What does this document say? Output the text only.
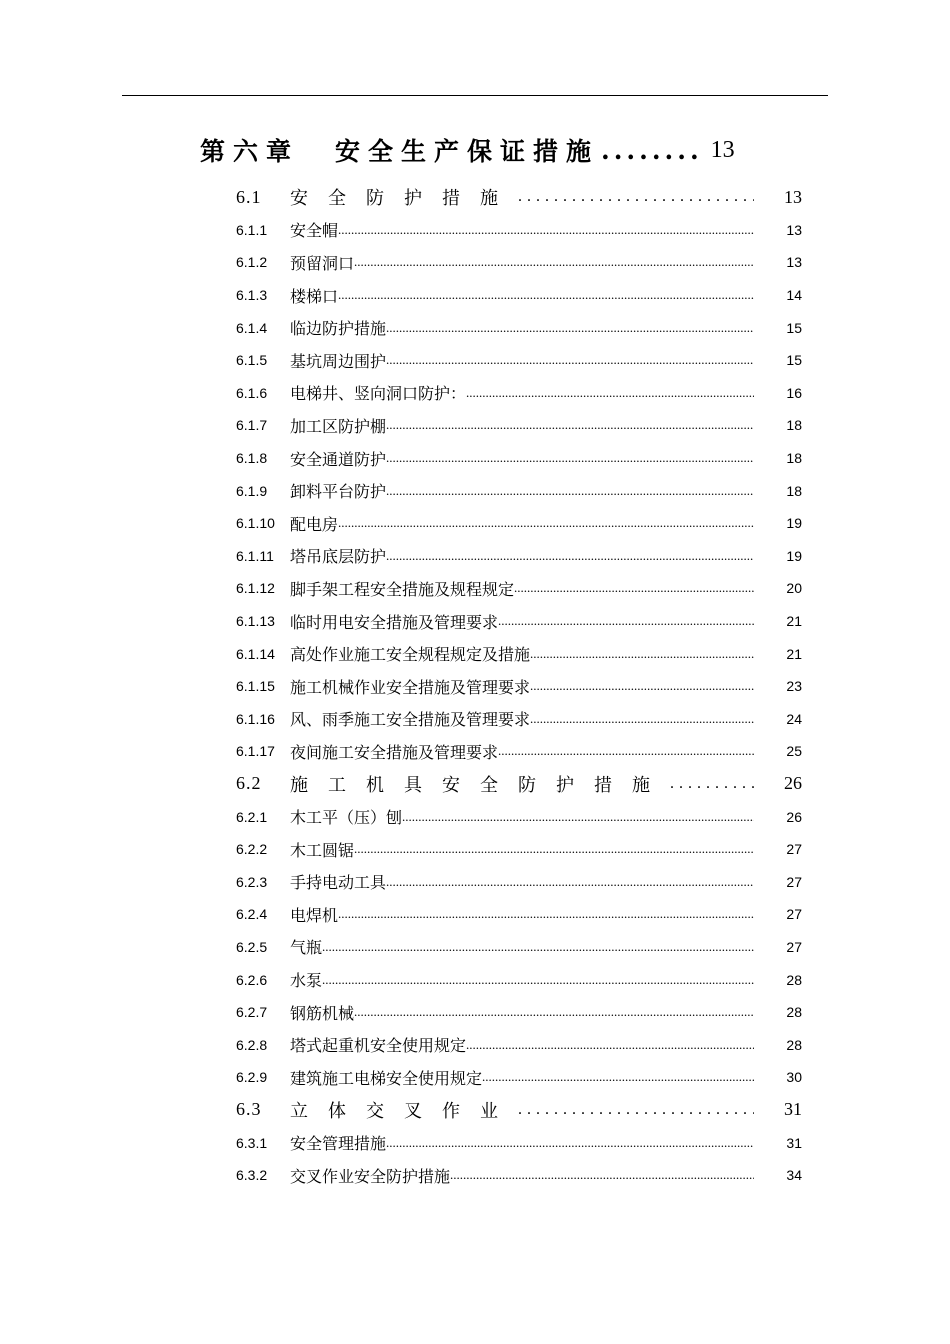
第六章	安全生产保证措施 ........ 13
6.1	安全防护措施 .....	13
6.1.1	安全帽 .....	13
6.1.2	预留洞口 .....	13
6.1.3	楼梯口 .....	14
6.1.4	临边防护措施 .....	15
6.1.5	基坑周边围护 .....	15
6.1.6	电梯井、竖向洞口防护： .....	16
6.1.7	加工区防护棚 .....	18
6.1.8	安全通道防护 .....	18
6.1.9	卸料平台防护 .....	18
6.1.10 配电房 .....	19
6.1.11	塔吊底层防护 .....	19
6.1.12 脚手架工程安全措施及规程规定 .....	20
6.1.13 临时用电安全措施及管理要求 .....	21
6.1.14 高处作业施工安全规程规定及措施 .....	21
6.1.15 施工机械作业安全措施及管理要求 .....	23
6.1.16 风、雨季施工安全措施及管理要求 .....	24
6.1.17 夜间施工安全措施及管理要求 .....	25
6.2	施工机具安全防护措施 .....	26
6.2.1	木工平（压）刨 .....	26
6.2.2	木工圆锯 .....	27
6.2.3	手持电动工具 .....	27
6.2.4	电焊机 .....	27
6.2.5	气瓶 .....	27
6.2.6	水泵 .....	28
6.2.7	钢筋机械 .....	28
6.2.8	塔式起重机安全使用规定 .....	28
6.2.9	建筑施工电梯安全使用规定 .....	30
6.3	立体交叉作业 .....	31
6.3.1	安全管理措施 .....	31
6.3.2	交叉作业安全防护措施 .....	34
